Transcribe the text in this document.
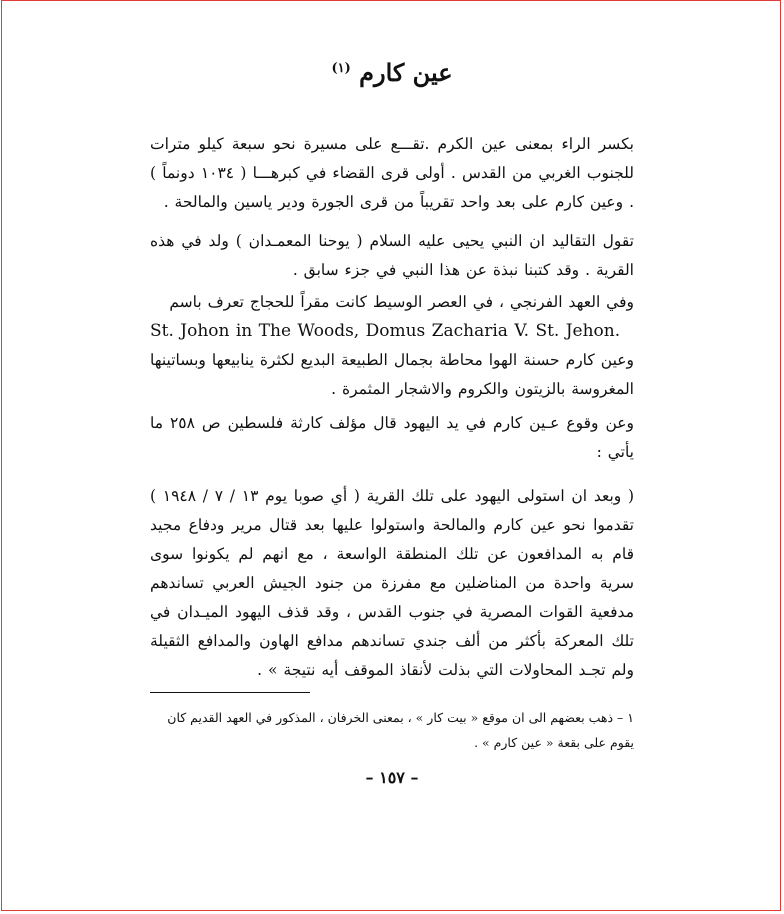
عين كارم $^{(١)}$
بكسر الراء بمعنى عين الكرم .تقـــع على مسيرة نحو سبعة كيلو مترات للجنوب الغربي من القدس . أولى قرى القضاء في كبرهـــا ( ١٠٣٤ دونماً ) . وعين كارم على بعد واحد تقريباً من قرى الجورة ودير ياسين والمالحة .
تقول التقاليد ان النبي يحيى عليه السلام ( يوحنا المعمـدان ) ولد في هذه القرية . وقد كتبنا نبذة عن هذا النبي في جزء سابق .
وفي العهد الفرنجي ، في العصر الوسيط كانت مقراً للحجاج تعرف باسم
St. Johon in The Woods, Domus Zacharia V. St. Jehon.
وعين كارم حسنة الهوا محاطة بجمال الطبيعة البديع لكثرة ينابيعها وبساتينها المغروسة بالزيتون والكروم والاشجار المثمرة .
وعن وقوع عـين كارم في يد اليهود قال مؤلف كارثة فلسطين ص ٢٥٨ ما يأتي :
( وبعد ان استولى اليهود على تلك القرية ( أي صوبا يوم ١٣ / ٧ / ١٩٤٨ ) تقدموا نحو عين كارم والمالحة واستولوا عليها بعد قتال مرير ودفاع مجيد قام به المدافعون عن تلك المنطقة الواسعة ، مع انهم لم يكونوا سوى سرية واحدة من المناضلين مع مفرزة من جنود الجيش العربي تساندهم مدفعية القوات المصرية في جنوب القدس ، وقد قذف اليهود الميـدان في تلك المعركة بأكثر من ألف جندي تساندهم مدافع الهاون والمدافع الثقيلة ولم تجـد المحاولات التي بذلت لأنقاذ الموقف أيه نتيجة » .
١ – ذهب بعضهم الى ان موقع « بيت كار » ، بمعنى الخرفان ، المذكور في العهد القديم كان يقوم على بقعة « عين كارم » .
– ١٥٧ –
